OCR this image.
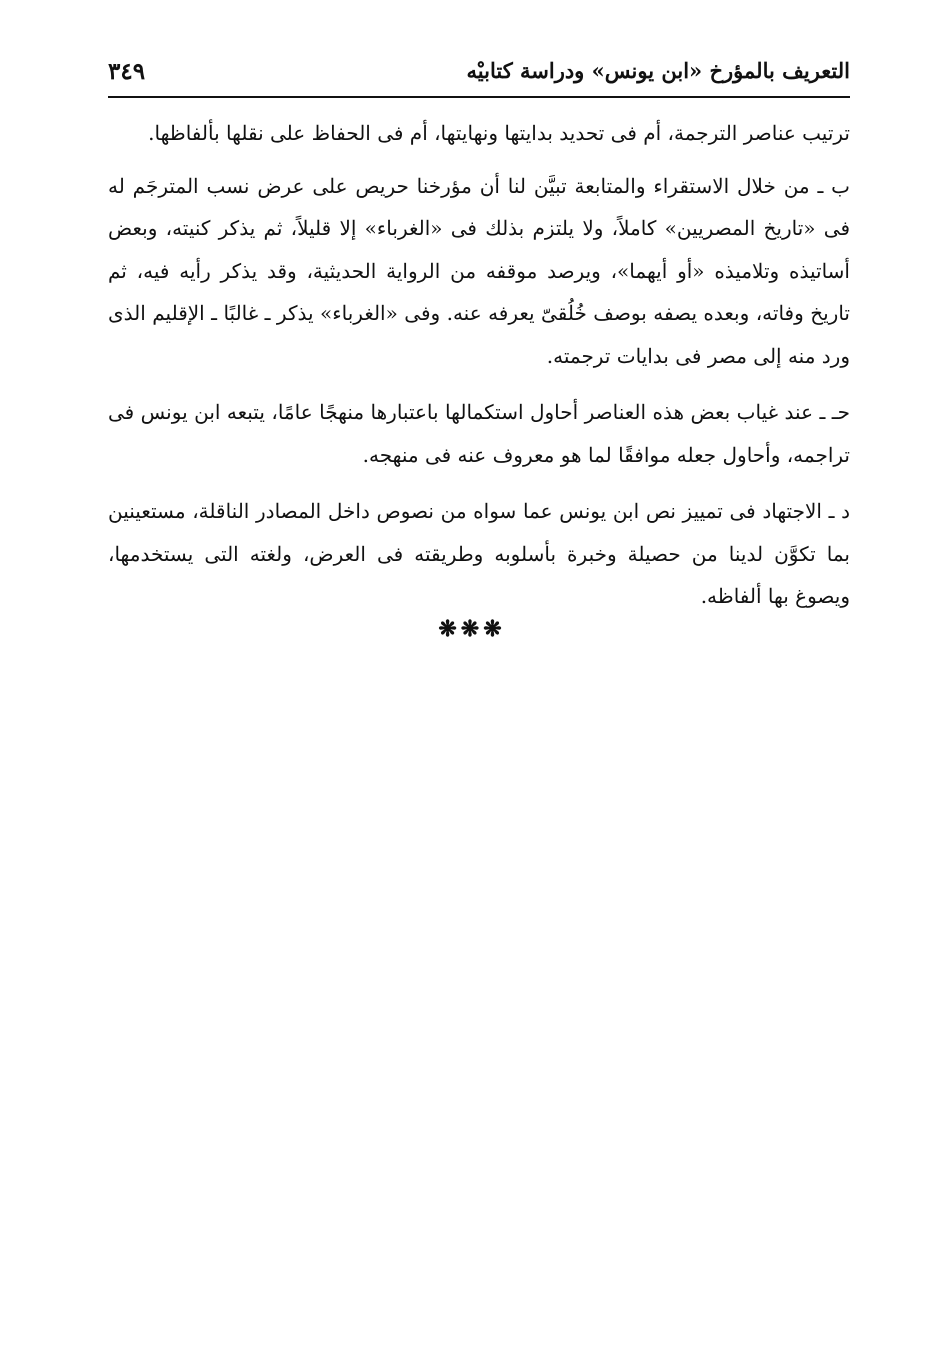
التعريف بالمؤرخ «ابن يونس» ودراسة كتابيْه
٣٤٩

ترتيب عناصر الترجمة، أم فى تحديد بدايتها ونهايتها، أم فى الحفاظ على نقلها بألفاظها.

ب ـ من خلال الاستقراء والمتابعة تبيَّن لنا أن مؤرخنا حريص على عرض نسب المترجَم له فى «تاريخ المصريين» كاملاً، ولا يلتزم بذلك فى «الغرباء» إلا قليلاً، ثم يذكر كنيته، وبعض أساتيذه وتلاميذه «أو أيهما»، ويرصد موقفه من الرواية الحديثية، وقد يذكر رأيه فيه، ثم تاريخ وفاته، وبعده يصفه بوصف خُلُقىّ يعرفه عنه. وفى «الغرباء» يذكر ـ غالبًا ـ الإقليم الذى ورد منه إلى مصر فى بدايات ترجمته.

حـ ـ عند غياب بعض هذه العناصر أحاول استكمالها باعتبارها منهجًا عامًا، يتبعه ابن يونس فى تراجمه، وأحاول جعله موافقًا لما هو معروف عنه فى منهجه.

د ـ الاجتهاد فى تمييز نص ابن يونس عما سواه من نصوص داخل المصادر الناقلة، مستعينين بما تكوَّن لدينا من حصيلة وخبرة بأسلوبه وطريقته فى العرض، ولغته التى يستخدمها، ويصوغ بها ألفاظه.

❋❋❋
